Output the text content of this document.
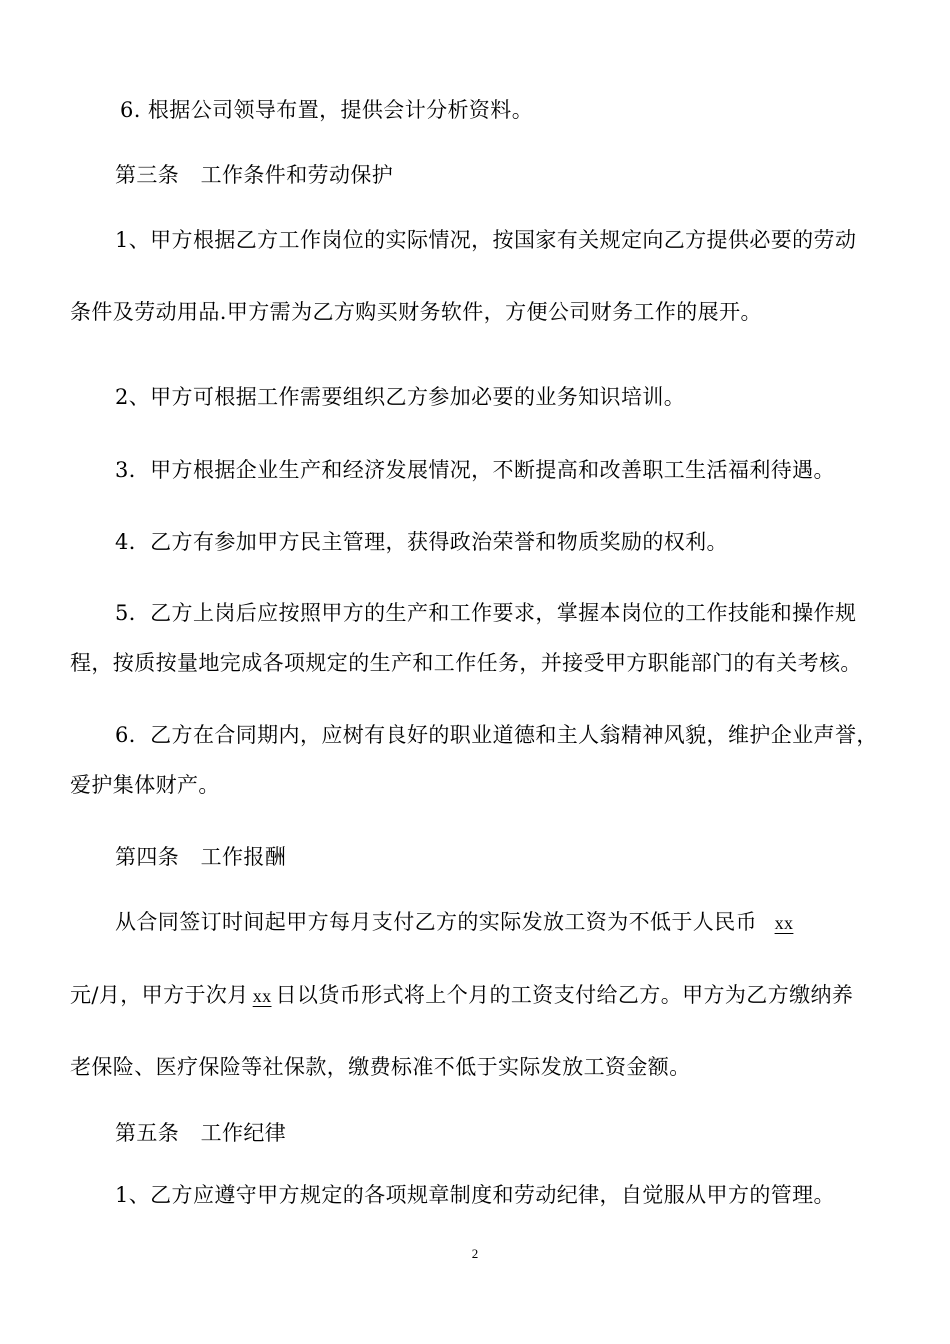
6. 根据公司领导布置，提供会计分析资料。
第三条　工作条件和劳动保护
1、甲方根据乙方工作岗位的实际情况，按国家有关规定向乙方提供必要的劳动
条件及劳动用品.甲方需为乙方购买财务软件，方便公司财务工作的展开。
2、甲方可根据工作需要组织乙方参加必要的业务知识培训。
3．甲方根据企业生产和经济发展情况，不断提高和改善职工生活福利待遇。
4．乙方有参加甲方民主管理，获得政治荣誉和物质奖励的权利。
5．乙方上岗后应按照甲方的生产和工作要求，掌握本岗位的工作技能和操作规
程，按质按量地完成各项规定的生产和工作任务，并接受甲方职能部门的有关考核。
6．乙方在合同期内，应树有良好的职业道德和主人翁精神风貌，维护企业声誉，
爱护集体财产。
第四条　工作报酬
从合同签订时间起甲方每月支付乙方的实际发放工资为不低于人民币 xx
元/月，甲方于次月 xx 日以货币形式将上个月的工资支付给乙方。甲方为乙方缴纳养
老保险、医疗保险等社保款，缴费标准不低于实际发放工资金额。
第五条　工作纪律
1、乙方应遵守甲方规定的各项规章制度和劳动纪律，自觉服从甲方的管理。
2
